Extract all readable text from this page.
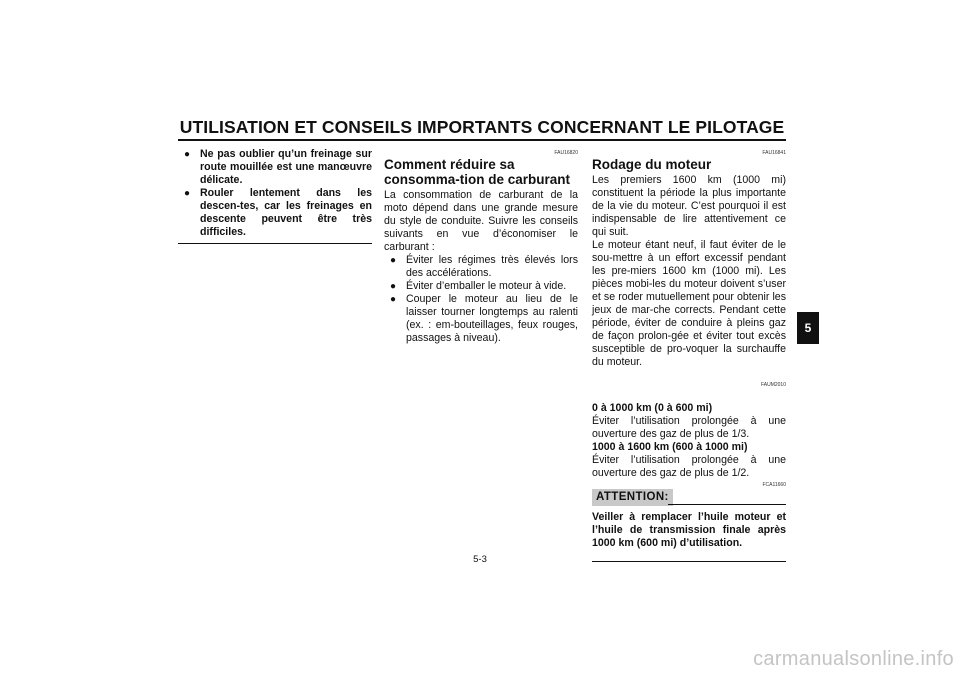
UTILISATION ET CONSEILS IMPORTANTS CONCERNANT LE PILOTAGE

● Ne pas oublier qu’un freinage sur route mouillée est une manœuvre délicate.

● Rouler lentement dans les descen-tes, car les freinages en descente peuvent être très difficiles.

FAU16820
Comment réduire sa consomma-tion de carburant

La consommation de carburant de la moto dépend dans une grande mesure du style de conduite. Suivre les conseils suivants en vue d’économiser le carburant :

● Éviter les régimes très élevés lors des accélérations.

● Éviter d’emballer le moteur à vide.

● Couper le moteur au lieu de le laisser tourner longtemps au ralenti (ex. : em-bouteillages, feux rouges, passages à niveau).

FAU16841
Rodage du moteur

Les premiers 1600 km (1000 mi) constituent la période la plus importante de la vie du moteur. C’est pourquoi il est indispensable de lire attentivement ce qui suit.

Le moteur étant neuf, il faut éviter de le sou-mettre à un effort excessif pendant les pre-miers 1600 km (1000 mi). Les pièces mobi-les du moteur doivent s’user et se roder mutuellement pour obtenir les jeux de mar-che corrects. Pendant cette période, éviter de conduire à pleins gaz de façon prolon-gée et éviter tout excès susceptible de pro-voquer la surchauffe du moteur.

FAUM2010

0 à 1000 km (0 à 600 mi)

Éviter l’utilisation prolongée à une ouverture des gaz de plus de 1/3.

1000 à 1600 km (600 à 1000 mi)

Éviter l’utilisation prolongée à une ouverture des gaz de plus de 1/2.

FCA11660
ATTENTION:

Veiller à remplacer l’huile moteur et l’huile de transmission finale après 1000 km (600 mi) d’utilisation.

5
5-3
carmanualsonline.info
